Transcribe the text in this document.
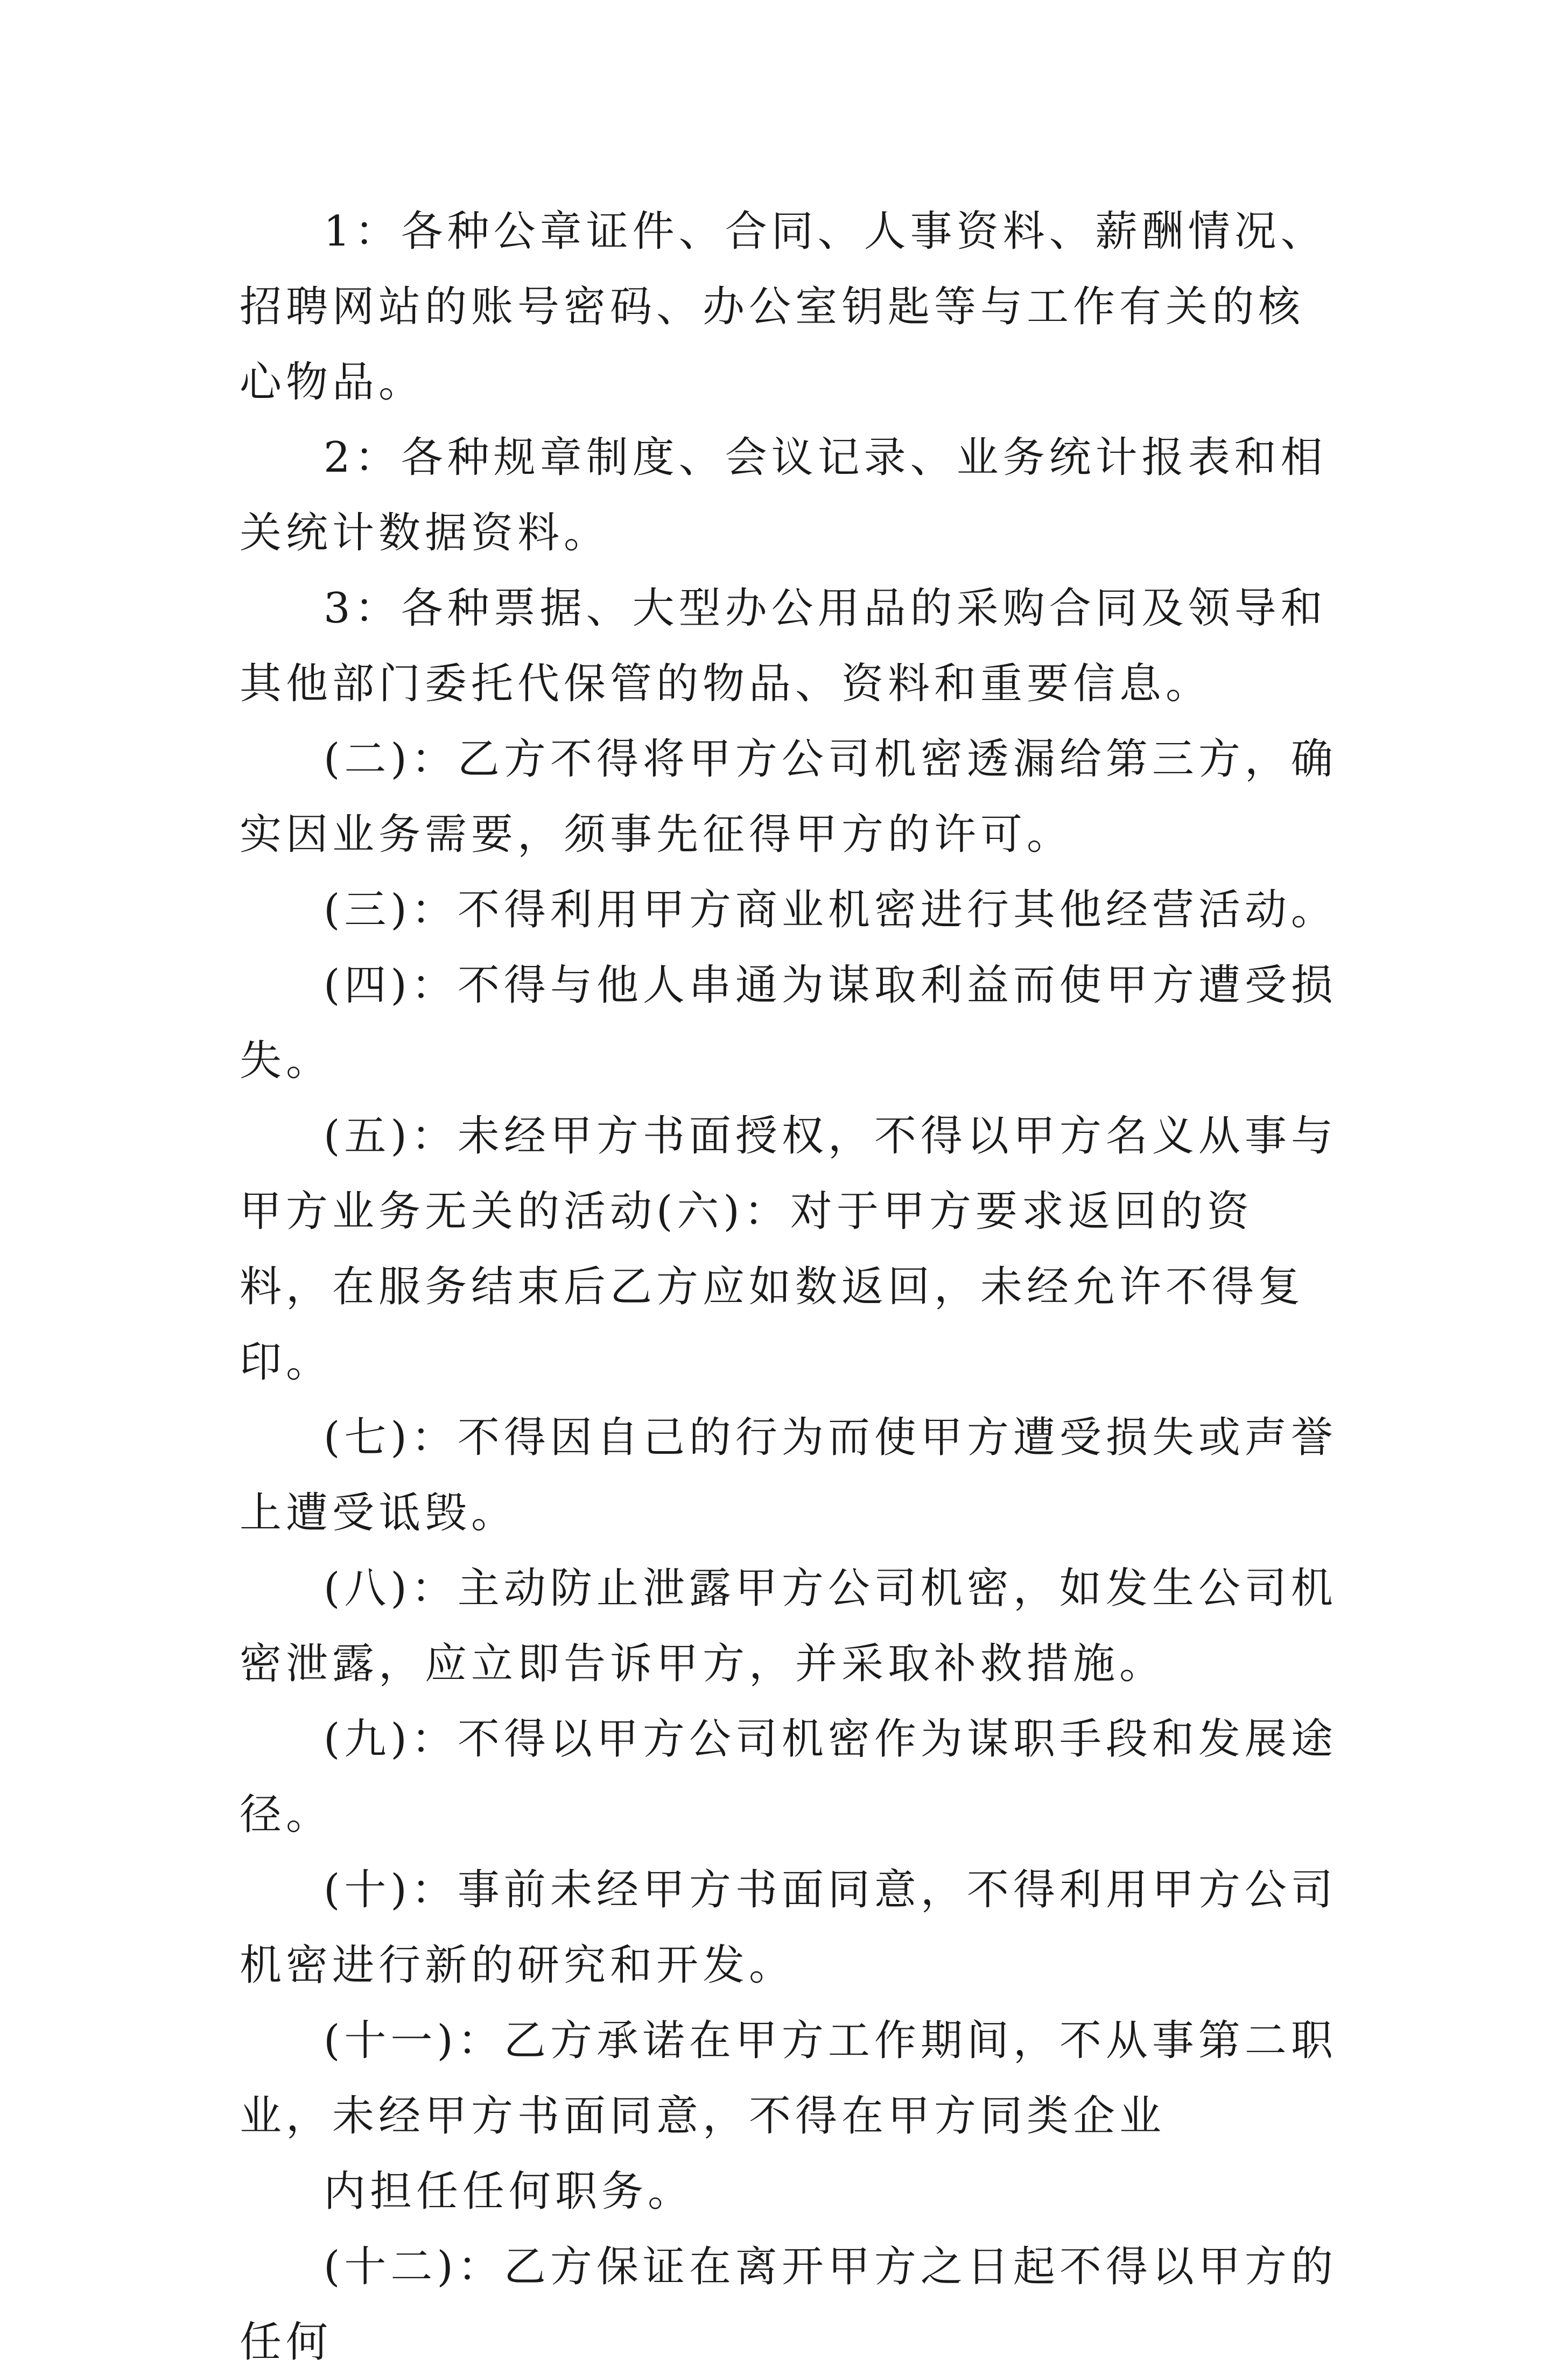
1：各种公章证件、合同、人事资料、薪酬情况、招聘网站的账号密码、办公室钥匙等与工作有关的核心物品。

2：各种规章制度、会议记录、业务统计报表和相关统计数据资料。

3：各种票据、大型办公用品的采购合同及领导和其他部门委托代保管的物品、资料和重要信息。

(二)：乙方不得将甲方公司机密透漏给第三方，确实因业务需要，须事先征得甲方的许可。

(三)：不得利用甲方商业机密进行其他经营活动。

(四)：不得与他人串通为谋取利益而使甲方遭受损失。

(五)：未经甲方书面授权，不得以甲方名义从事与甲方业务无关的活动(六)：对于甲方要求返回的资料，在服务结束后乙方应如数返回，未经允许不得复印。

(七)：不得因自己的行为而使甲方遭受损失或声誉上遭受诋毁。

(八)：主动防止泄露甲方公司机密，如发生公司机密泄露，应立即告诉甲方，并采取补救措施。

(九)：不得以甲方公司机密作为谋职手段和发展途径。

(十)：事前未经甲方书面同意，不得利用甲方公司机密进行新的研究和开发。

(十一)：乙方承诺在甲方工作期间，不从事第二职业，未经甲方书面同意，不得在甲方同类企业

内担任任何职务。

(十二)：乙方保证在离开甲方之日起不得以甲方的任何
